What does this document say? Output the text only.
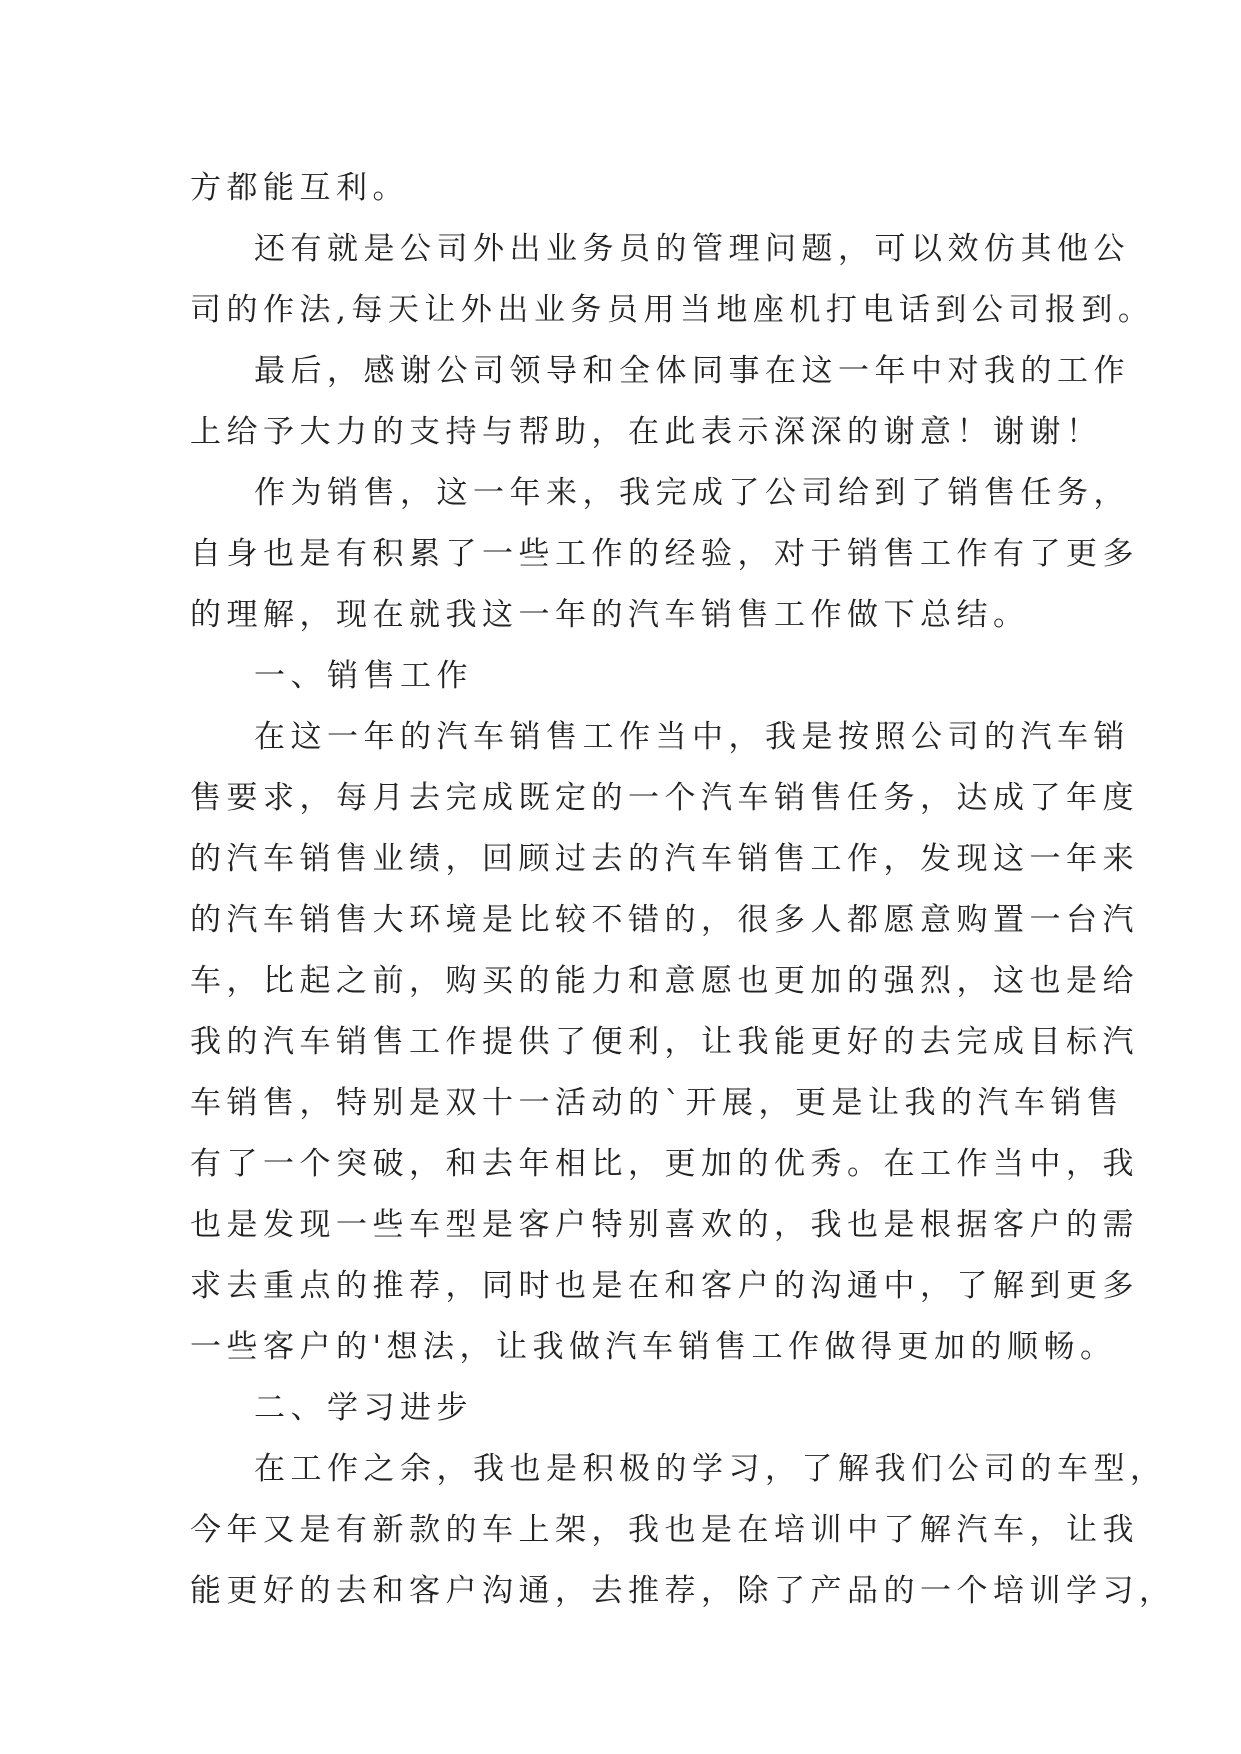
方都能互利。
还有就是公司外出业务员的管理问题，可以效仿其他公
司的作法,每天让外出业务员用当地座机打电话到公司报到。
最后，感谢公司领导和全体同事在这一年中对我的工作
上给予大力的支持与帮助，在此表示深深的谢意！谢谢！
作为销售，这一年来，我完成了公司给到了销售任务，
自身也是有积累了一些工作的经验，对于销售工作有了更多
的理解，现在就我这一年的汽车销售工作做下总结。
一、销售工作
在这一年的汽车销售工作当中，我是按照公司的汽车销
售要求，每月去完成既定的一个汽车销售任务，达成了年度
的汽车销售业绩，回顾过去的汽车销售工作，发现这一年来
的汽车销售大环境是比较不错的，很多人都愿意购置一台汽
车，比起之前，购买的能力和意愿也更加的强烈，这也是给
我的汽车销售工作提供了便利，让我能更好的去完成目标汽
车销售，特别是双十一活动的`开展，更是让我的汽车销售
有了一个突破，和去年相比，更加的优秀。在工作当中，我
也是发现一些车型是客户特别喜欢的，我也是根据客户的需
求去重点的推荐，同时也是在和客户的沟通中，了解到更多
一些客户的'想法，让我做汽车销售工作做得更加的顺畅。
二、学习进步
在工作之余，我也是积极的学习，了解我们公司的车型，
今年又是有新款的车上架，我也是在培训中了解汽车，让我
能更好的去和客户沟通，去推荐，除了产品的一个培训学习，
